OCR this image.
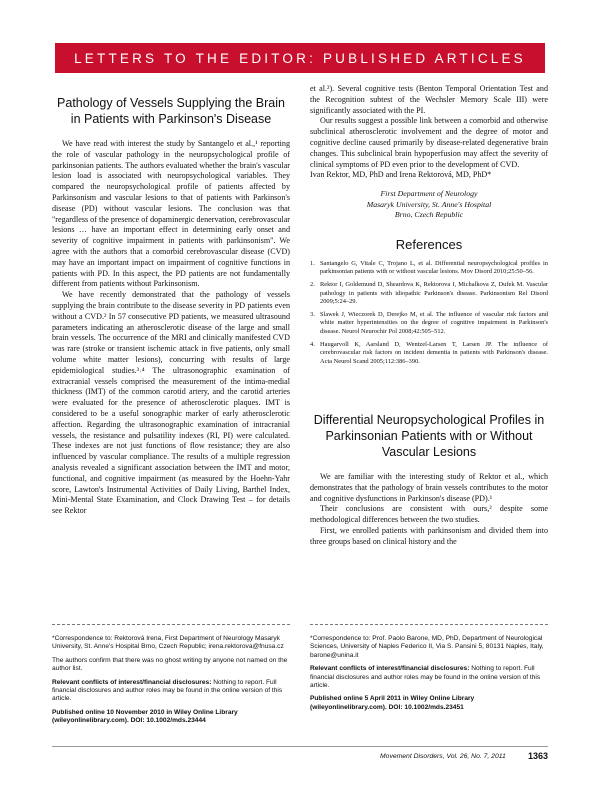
LETTERS TO THE EDITOR: PUBLISHED ARTICLES
Pathology of Vessels Supplying the Brain in Patients with Parkinson's Disease

We have read with interest the study by Santangelo et al.,¹ reporting the role of vascular pathology in the neuropsychological profile of parkinsonian patients. The authors evaluated whether the brain's vascular lesion load is associated with neuropsychological variables. They compared the neuropsychological profile of patients affected by Parkinsonism and vascular lesions to that of patients with Parkinson's disease (PD) without vascular lesions. The conclusion was that "regardless of the presence of dopaminergic denervation, cerebrovascular lesions … have an important effect in determining early onset and severity of cognitive impairment in patients with parkinsonism". We agree with the authors that a comorbid cerebrovascular disease (CVD) may have an important impact on impairment of cognitive functions in patients with PD. In this aspect, the PD patients are not fundamentally different from patients without Parkinsonism.

We have recently demonstrated that the pathology of vessels supplying the brain contribute to the disease severity in PD patients even without a CVD.² In 57 consecutive PD patients, we measured ultrasound parameters indicating an atherosclerotic disease of the large and small brain vessels. The occurrence of the MRI and clinically manifested CVD was rare (stroke or transient ischemic attack in five patients, only small volume white matter lesions), concurring with results of large epidemiological studies.³˒⁴ The ultrasonographic examination of extracranial vessels comprised the measurement of the intima-medial thickness (IMT) of the common carotid artery, and the carotid arteries were evaluated for the presence of atherosclerotic plaques. IMT is considered to be a useful sonographic marker of early atherosclerotic affection. Regarding the ultrasonographic examination of intracranial vessels, the resistance and pulsatility indexes (RI, PI) were calculated. These indexes are not just functions of flow resistance; they are also influenced by vascular compliance. The results of a multiple regression analysis revealed a significant association between the IMT and motor, functional, and cognitive impairment (as measured by the Hoehn-Yahr score, Lawton's Instrumental Activities of Daily Living, Barthel Index, Mini-Mental State Examination, and Clock Drawing Test – for details see Rektor

et al.²). Several cognitive tests (Benton Temporal Orientation Test and the Recognition subtest of the Wechsler Memory Scale III) were significantly associated with the PI.

Our results suggest a possible link between a comorbid and otherwise subclinical atherosclerotic involvement and the degree of motor and cognitive decline caused primarily by disease-related degenerative brain changes. This subclinical brain hypoperfusion may affect the severity of clinical symptoms of PD even prior to the development of CVD.

Ivan Rektor, MD, PhD and Irena Rektorová, MD, PhD*

First Department of Neurology
Masaryk University, St. Anne's Hospital
Brno, Czech Republic
References
1. Santangelo G, Vitale C, Trojano L, et al. Differential neuropsychological profiles in parkinsonian patients with or without vascular lesions. Mov Disord 2010;25:50–56.
2. Rektor I, Goldemund D, Sheardova K, Rektorova I, Michalkova Z, Dufek M. Vascular pathology in patients with idiopathic Parkinson's disease. Parkinsonism Rel Disord 2009;5:24–29.
3. Slawek J, Wieczorek D, Derejko M, et al. The influence of vascular risk factors and white matter hyperintensities on the degree of cognitive impairment in Parkinson's disease. Neurol Neurochir Pol 2008;42:505–512.
4. Haugarvoll K, Aarsland D, Wentzel-Larsen T, Larsen JP. The influence of cerebrovascular risk factors on incident dementia in patients with Parkinson's disease. Acta Neurol Scand 2005;112:386–390.
Differential Neuropsychological Profiles in Parkinsonian Patients with or Without Vascular Lesions

We are familiar with the interesting study of Rektor et al., which demonstrates that the pathology of brain vessels contributes to the motor and cognitive dysfunctions in Parkinson's disease (PD).¹

Their conclusions are consistent with ours,² despite some methodological differences between the two studies.

First, we enrolled patients with parkinsonism and divided them into three groups based on clinical history and the

*Correspondence to: Rektorová Irena, First Department of Neurology Masaryk University, St. Anne's Hospital Brno, Czech Republic; irena.rektorova@fnusa.cz

The authors confirm that there was no ghost writing by anyone not named on the author list.

Relevant conflicts of interest/financial disclosures: Nothing to report. Full financial disclosures and author roles may be found in the online version of this article.

Published online 10 November 2010 in Wiley Online Library (wileyonlinelibrary.com). DOI: 10.1002/mds.23444

*Correspondence to: Prof. Paolo Barone, MD, PhD, Department of Neurological Sciences, University of Naples Federico II, Via S. Pansini 5, 80131 Naples, Italy, barone@unina.it

Relevant conflicts of interest/financial disclosures: Nothing to report. Full financial disclosures and author roles may be found in the online version of this article.

Published online 5 April 2011 in Wiley Online Library (wileyonlinelibrary.com). DOI: 10.1002/mds.23451

Movement Disorders, Vol. 26, No. 7, 2011 1363
